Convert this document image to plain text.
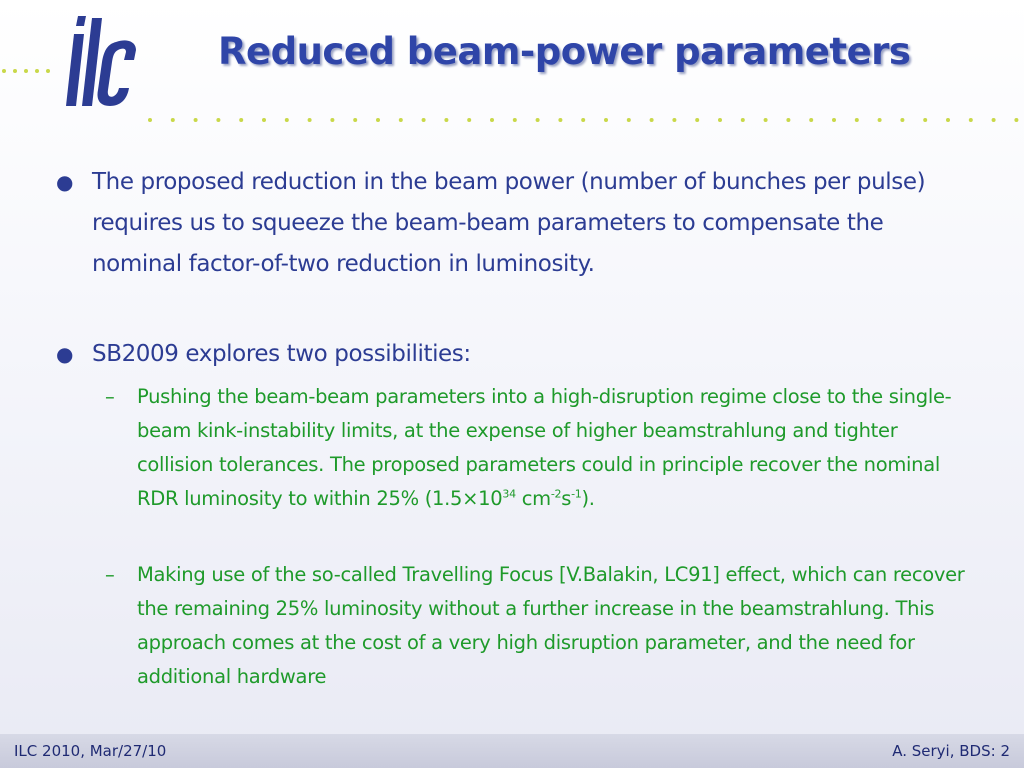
Reduced beam-power parameters
● The proposed reduction in the beam power (number of bunches per pulse) requires us to squeeze the beam-beam parameters to compensate the nominal factor-of-two reduction in luminosity.
● SB2009 explores two possibilities:
– Pushing the beam-beam parameters into a high-disruption regime close to the single-beam kink-instability limits, at the expense of higher beamstrahlung and tighter collision tolerances. The proposed parameters could in principle recover the nominal RDR luminosity to within 25% ($1.5\times 10^{34}$ $cm^{-2}s^{-1}$).
– Making use of the so-called Travelling Focus [V.Balakin, LC91] effect, which can recover the remaining 25% luminosity without a further increase in the beamstrahlung. This approach comes at the cost of a very high disruption parameter, and the need for additional hardware
ILC 2010, Mar/27/10	A. Seryi, BDS: 2
